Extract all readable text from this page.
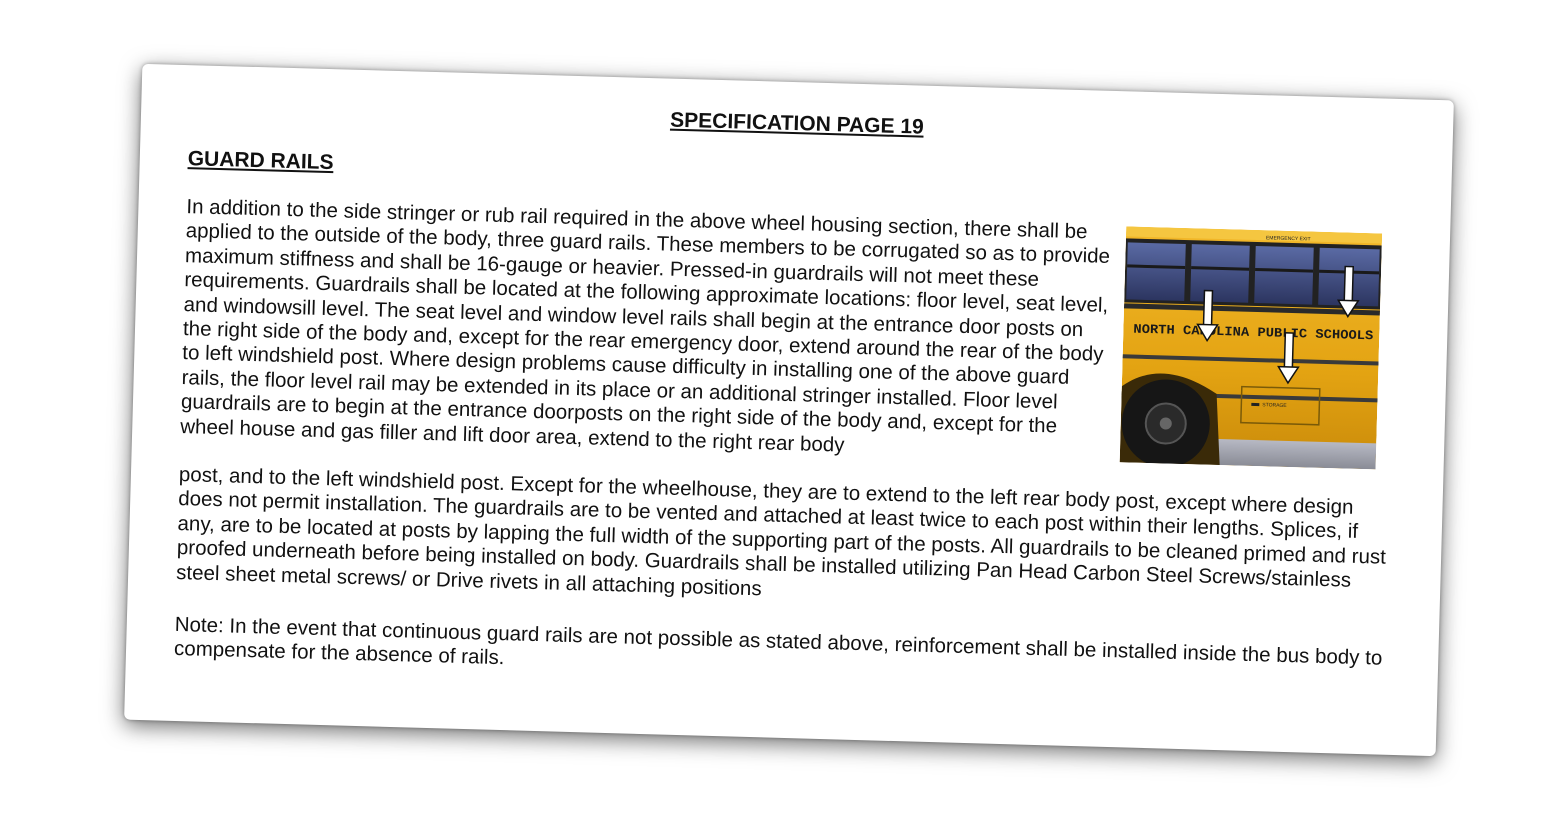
SPECIFICATION PAGE 19
GUARD RAILS

In addition to the side stringer or rub rail required in the above wheel housing section, there shall be applied to the outside of the body, three guard rails. These members to be corrugated so as to provide maximum stiffness and shall be 16-gauge or heavier. Pressed-in guardrails will not meet these requirements. Guardrails shall be located at the following approximate locations: floor level, seat level, and windowsill level. The seat level and window level rails shall begin at the entrance door posts on the right side of the body and, except for the rear emergency door, extend around the rear of the body to left windshield post. Where design problems cause difficulty in installing one of the above guard rails, the floor level rail may be extended in its place or an additional stringer installed. Floor level guardrails are to begin at the entrance doorposts on the right side of the body and, except for the wheel house and gas filler and lift door area, extend to the right rear body

EMERGENCY EXIT
NORTH CAROLINA PUBLIC SCHOOLS
STORAGE

post, and to the left windshield post. Except for the wheelhouse, they are to extend to the left rear body post, except where design does not permit installation. The guardrails are to be vented and attached at least twice to each post within their lengths. Splices, if any, are to be located at posts by lapping the full width of the supporting part of the posts. All guardrails to be cleaned primed and rust proofed underneath before being installed on body. Guardrails shall be installed utilizing Pan Head Carbon Steel Screws/stainless steel sheet metal screws/ or Drive rivets in all attaching positions

Note: In the event that continuous guard rails are not possible as stated above, reinforcement shall be installed inside the bus body to compensate for the absence of rails.
